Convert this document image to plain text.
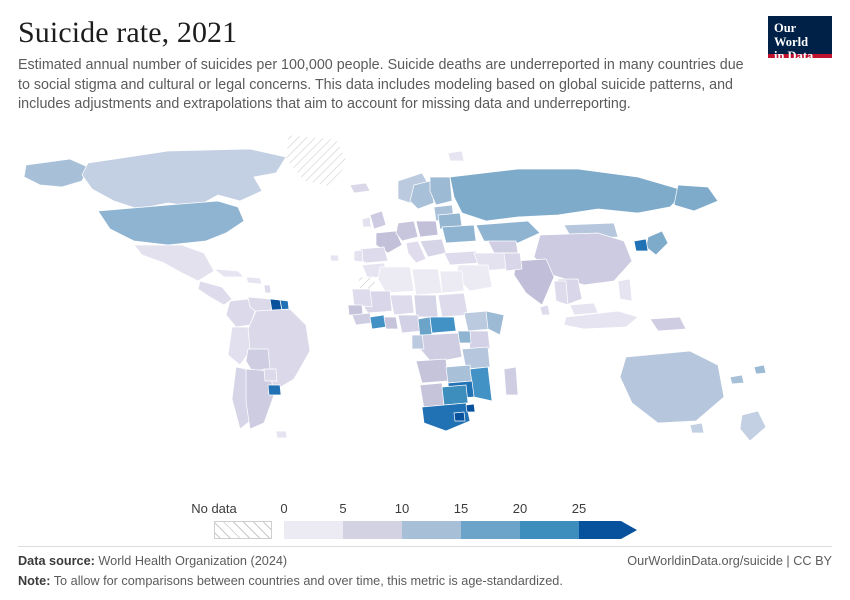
Suicide rate, 2021

Estimated annual number of suicides per 100,000 people. Suicide deaths are underreported in many countries due to social stigma and cultural or legal concerns. This data includes modeling based on global suicide patterns, and includes adjustments and extrapolations that aim to account for missing data and underreporting.

Our World
in Data
No data	0	5	10	15	20	25
Data source: World Health Organization (2024)	OurWorldinData.org/suicide | CC BY
Note: To allow for comparisons between countries and over time, this metric is age-standardized.
